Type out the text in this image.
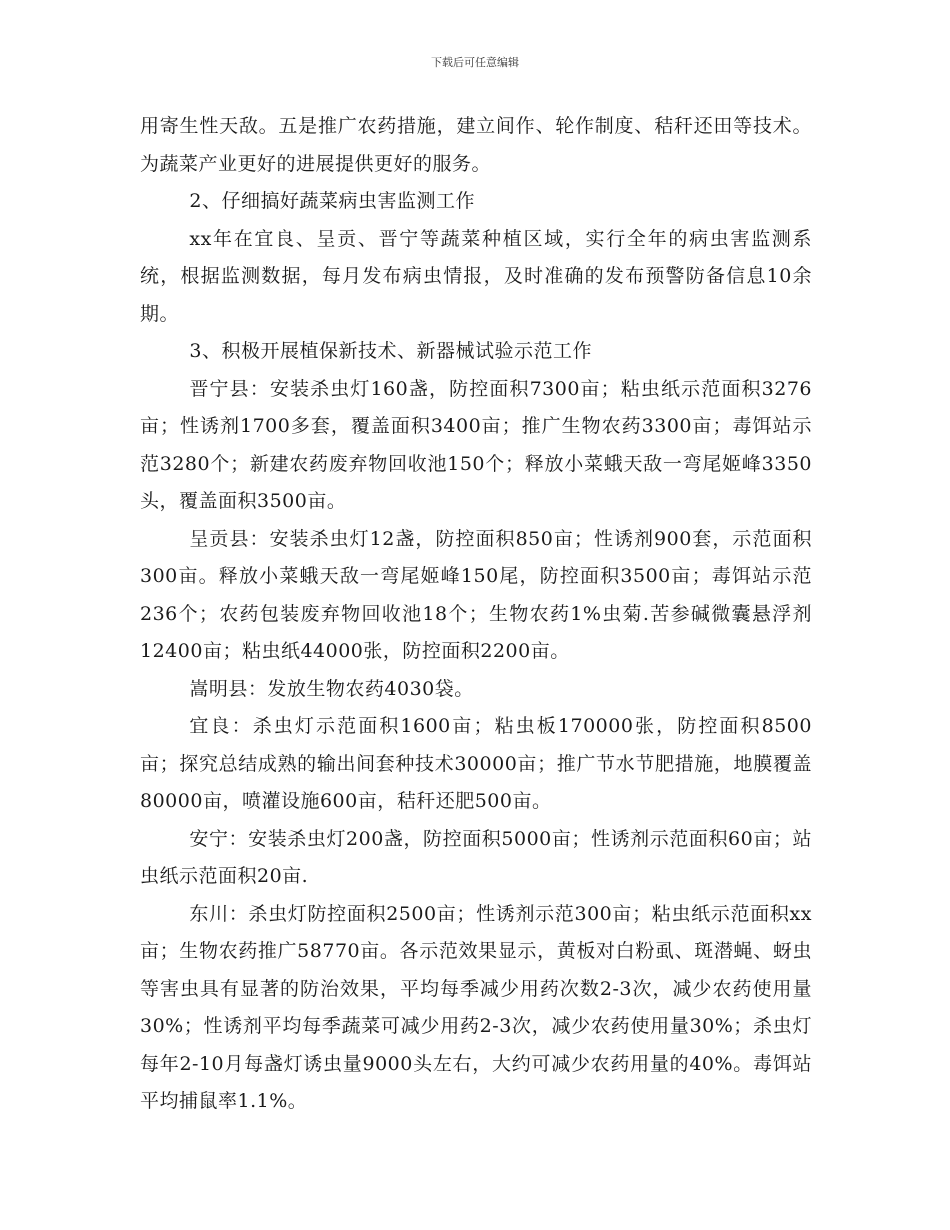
下载后可任意编辑

用寄生性天敌。五是推广农药措施，建立间作、轮作制度、秸秆还田等技术。为蔬菜产业更好的进展提供更好的服务。

2、仔细搞好蔬菜病虫害监测工作

xx年在宜良、呈贡、晋宁等蔬菜种植区域，实行全年的病虫害监测系统，根据监测数据，每月发布病虫情报，及时准确的发布预警防备信息10余期。

3、积极开展植保新技术、新器械试验示范工作

晋宁县：安装杀虫灯160盏，防控面积7300亩；粘虫纸示范面积3276亩；性诱剂1700多套，覆盖面积3400亩；推广生物农药3300亩；毒饵站示范3280个；新建农药废弃物回收池150个；释放小菜蛾天敌一弯尾姬峰3350头，覆盖面积3500亩。

呈贡县：安装杀虫灯12盏，防控面积850亩；性诱剂900套，示范面积300亩。释放小菜蛾天敌一弯尾姬峰150尾，防控面积3500亩；毒饵站示范236个；农药包装废弃物回收池18个；生物农药1%虫菊.苦参碱微囊悬浮剂12400亩；粘虫纸44000张，防控面积2200亩。

嵩明县：发放生物农药4030袋。

宜良：杀虫灯示范面积1600亩；粘虫板170000张，防控面积8500亩；探究总结成熟的输出间套种技术30000亩；推广节水节肥措施，地膜覆盖80000亩，喷灌设施600亩，秸秆还肥500亩。

安宁：安装杀虫灯200盏，防控面积5000亩；性诱剂示范面积60亩；站虫纸示范面积20亩.

东川：杀虫灯防控面积2500亩；性诱剂示范300亩；粘虫纸示范面积xx亩；生物农药推广58770亩。各示范效果显示，黄板对白粉虱、斑潜蝇、蚜虫等害虫具有显著的防治效果，平均每季减少用药次数2-3次，减少农药使用量30%；性诱剂平均每季蔬菜可减少用药2-3次，减少农药使用量30%；杀虫灯每年2-10月每盏灯诱虫量9000头左右，大约可减少农药用量的40%。毒饵站平均捕鼠率1.1%。
